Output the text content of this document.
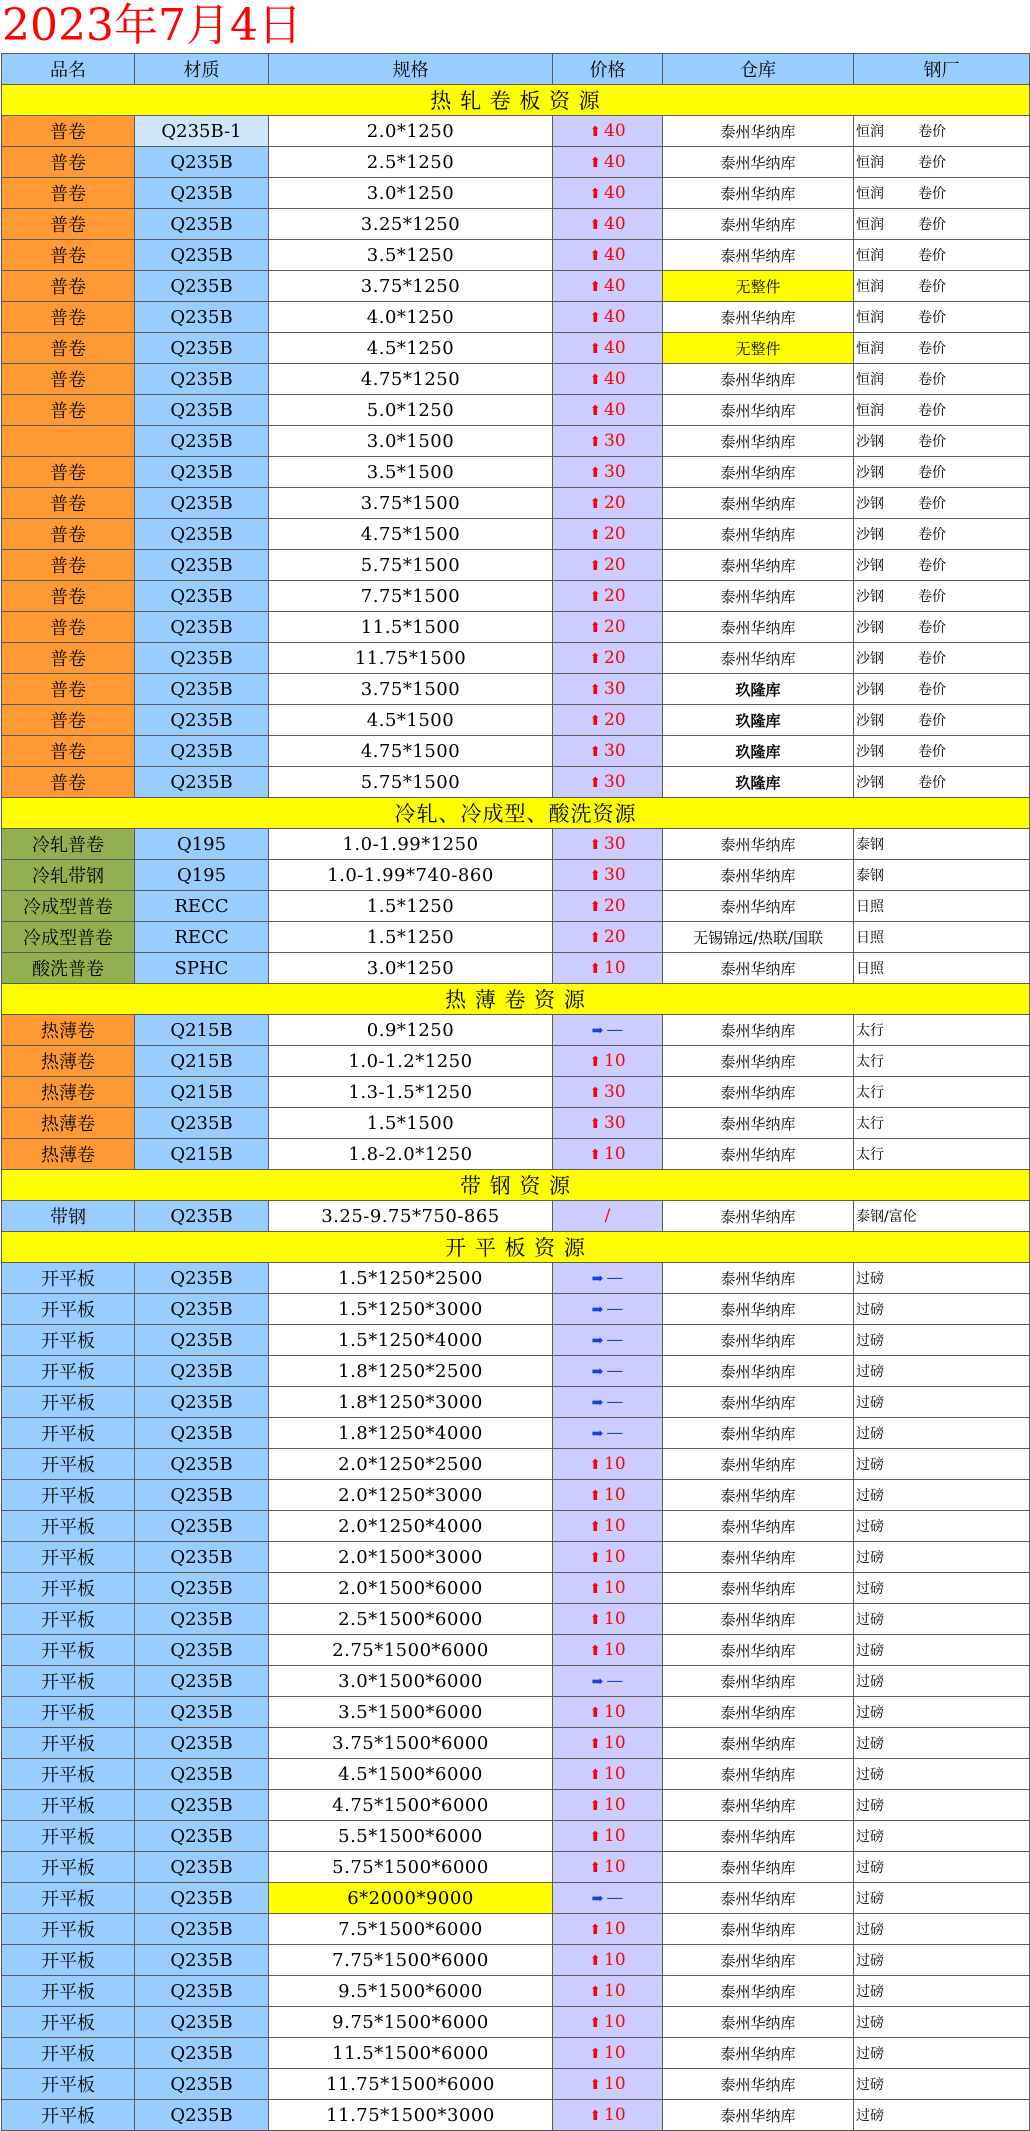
2023年7月4日
品名	材质	规格	价格	仓库	钢厂
热 轧 卷 板 资 源					
普卷	Q235B-1	2.0*1250	⬆ 40	泰州华纳库	恒润 卷价
普卷	Q235B	2.5*1250	⬆ 40	泰州华纳库	恒润 卷价
普卷	Q235B	3.0*1250	⬆ 40	泰州华纳库	恒润 卷价
普卷	Q235B	3.25*1250	⬆ 40	泰州华纳库	恒润 卷价
普卷	Q235B	3.5*1250	⬆ 40	泰州华纳库	恒润 卷价
普卷	Q235B	3.75*1250	⬆ 40	无整件	恒润 卷价
普卷	Q235B	4.0*1250	⬆ 40	泰州华纳库	恒润 卷价
普卷	Q235B	4.5*1250	⬆ 40	无整件	恒润 卷价
普卷	Q235B	4.75*1250	⬆ 40	泰州华纳库	恒润 卷价
普卷	Q235B	5.0*1250	⬆ 40	泰州华纳库	恒润 卷价
	Q235B	3.0*1500	⬆ 30	泰州华纳库	沙钢 卷价
普卷	Q235B	3.5*1500	⬆ 30	泰州华纳库	沙钢 卷价
普卷	Q235B	3.75*1500	⬆ 20	泰州华纳库	沙钢 卷价
普卷	Q235B	4.75*1500	⬆ 20	泰州华纳库	沙钢 卷价
普卷	Q235B	5.75*1500	⬆ 20	泰州华纳库	沙钢 卷价
普卷	Q235B	7.75*1500	⬆ 20	泰州华纳库	沙钢 卷价
普卷	Q235B	11.5*1500	⬆ 20	泰州华纳库	沙钢 卷价
普卷	Q235B	11.75*1500	⬆ 20	泰州华纳库	沙钢 卷价
普卷	Q235B	3.75*1500	⬆ 30	玖隆库	沙钢 卷价
普卷	Q235B	4.5*1500	⬆ 20	玖隆库	沙钢 卷价
普卷	Q235B	4.75*1500	⬆ 30	玖隆库	沙钢 卷价
普卷	Q235B	5.75*1500	⬆ 30	玖隆库	沙钢 卷价
冷轧、冷成型、酸洗资源					
冷轧普卷	Q195	1.0-1.99*1250	⬆ 30	泰州华纳库	泰钢
冷轧带钢	Q195	1.0-1.99*740-860	⬆ 30	泰州华纳库	泰钢
冷成型普卷	RECC	1.5*1250	⬆ 20	泰州华纳库	日照
冷成型普卷	RECC	1.5*1250	⬆ 20	无锡锦远/热联/国联	日照
酸洗普卷	SPHC	3.0*1250	⬆ 10	泰州华纳库	日照
热 薄 卷 资 源					
热薄卷	Q215B	0.9*1250	➡ —	泰州华纳库	太行
热薄卷	Q215B	1.0-1.2*1250	⬆ 10	泰州华纳库	太行
热薄卷	Q215B	1.3-1.5*1250	⬆ 30	泰州华纳库	太行
热薄卷	Q235B	1.5*1500	⬆ 30	泰州华纳库	太行
热薄卷	Q215B	1.8-2.0*1250	⬆ 10	泰州华纳库	太行
带 钢 资 源					
带钢	Q235B	3.25-9.75*750-865	/	泰州华纳库	泰钢/富伦
开 平 板 资 源					
开平板	Q235B	1.5*1250*2500	➡ —	泰州华纳库	过磅
开平板	Q235B	1.5*1250*3000	➡ —	泰州华纳库	过磅
开平板	Q235B	1.5*1250*4000	➡ —	泰州华纳库	过磅
开平板	Q235B	1.8*1250*2500	➡ —	泰州华纳库	过磅
开平板	Q235B	1.8*1250*3000	➡ —	泰州华纳库	过磅
开平板	Q235B	1.8*1250*4000	➡ —	泰州华纳库	过磅
开平板	Q235B	2.0*1250*2500	⬆ 10	泰州华纳库	过磅
开平板	Q235B	2.0*1250*3000	⬆ 10	泰州华纳库	过磅
开平板	Q235B	2.0*1250*4000	⬆ 10	泰州华纳库	过磅
开平板	Q235B	2.0*1500*3000	⬆ 10	泰州华纳库	过磅
开平板	Q235B	2.0*1500*6000	⬆ 10	泰州华纳库	过磅
开平板	Q235B	2.5*1500*6000	⬆ 10	泰州华纳库	过磅
开平板	Q235B	2.75*1500*6000	⬆ 10	泰州华纳库	过磅
开平板	Q235B	3.0*1500*6000	➡ —	泰州华纳库	过磅
开平板	Q235B	3.5*1500*6000	⬆ 10	泰州华纳库	过磅
开平板	Q235B	3.75*1500*6000	⬆ 10	泰州华纳库	过磅
开平板	Q235B	4.5*1500*6000	⬆ 10	泰州华纳库	过磅
开平板	Q235B	4.75*1500*6000	⬆ 10	泰州华纳库	过磅
开平板	Q235B	5.5*1500*6000	⬆ 10	泰州华纳库	过磅
开平板	Q235B	5.75*1500*6000	⬆ 10	泰州华纳库	过磅
开平板	Q235B	6*2000*9000	➡ —	泰州华纳库	过磅
开平板	Q235B	7.5*1500*6000	⬆ 10	泰州华纳库	过磅
开平板	Q235B	7.75*1500*6000	⬆ 10	泰州华纳库	过磅
开平板	Q235B	9.5*1500*6000	⬆ 10	泰州华纳库	过磅
开平板	Q235B	9.75*1500*6000	⬆ 10	泰州华纳库	过磅
开平板	Q235B	11.5*1500*6000	⬆ 10	泰州华纳库	过磅
开平板	Q235B	11.75*1500*6000	⬆ 10	泰州华纳库	过磅
开平板	Q235B	11.75*1500*3000	⬆ 10	泰州华纳库	过磅
